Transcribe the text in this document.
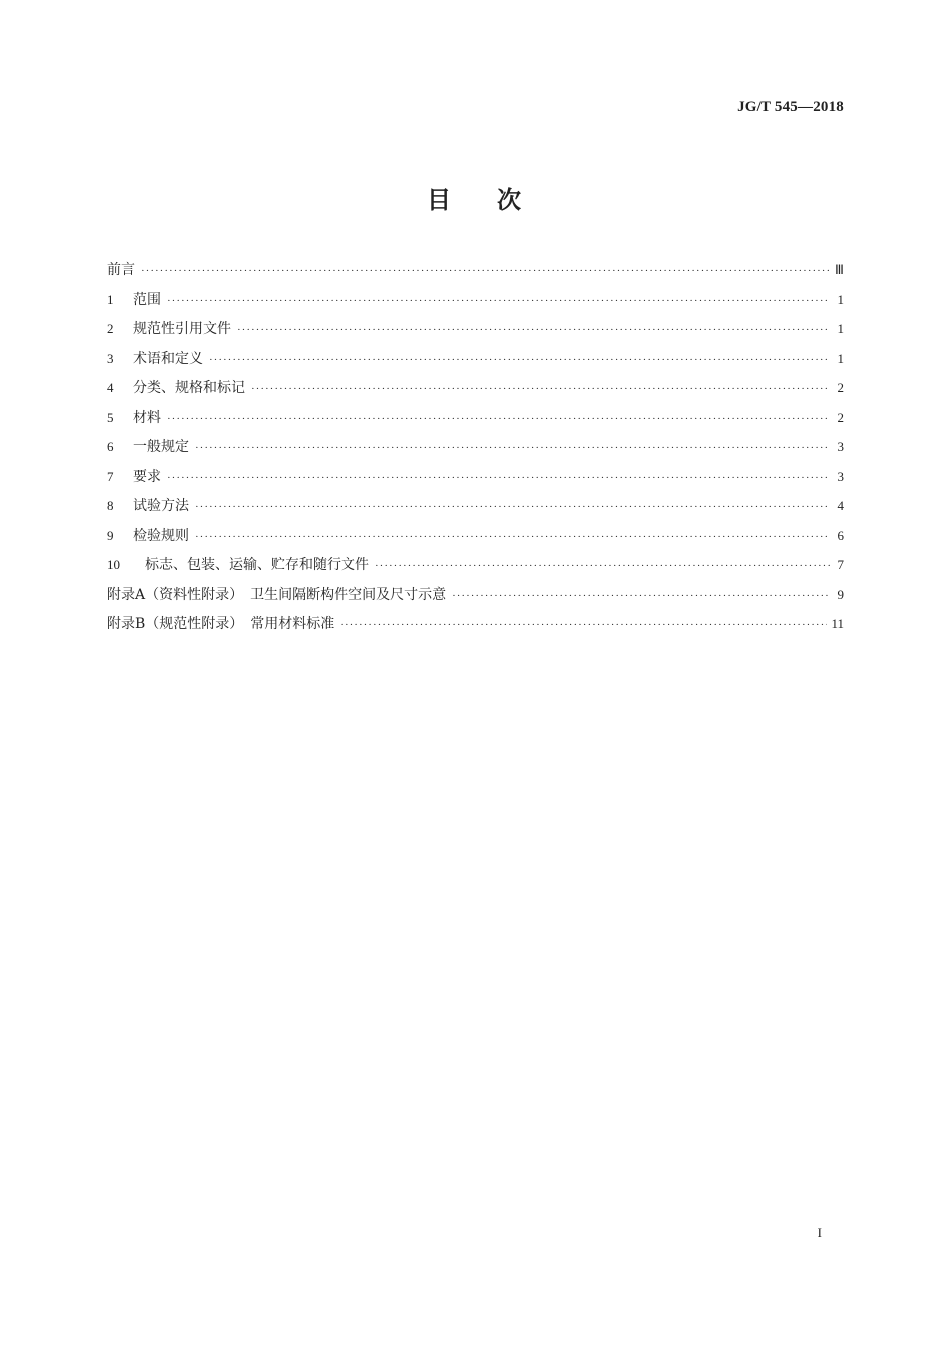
JG/T 545—2018
目 次
前言 ·····	Ⅲ
1	范围 ·····	1
2	规范性引用文件 ·····	1
3	术语和定义 ·····	1
4	分类、规格和标记 ·····	2
5	材料 ·····	2
6	一般规定 ·····	3
7	要求 ·····	3
8	试验方法 ·····	4
9	检验规则 ·····	6
10	标志、包装、运输、贮存和随行文件 ·····	7
附录A（资料性附录）　卫生间隔断构件空间及尺寸示意 ·····	9
附录B（规范性附录）　常用材料标准 ·····	11
I
